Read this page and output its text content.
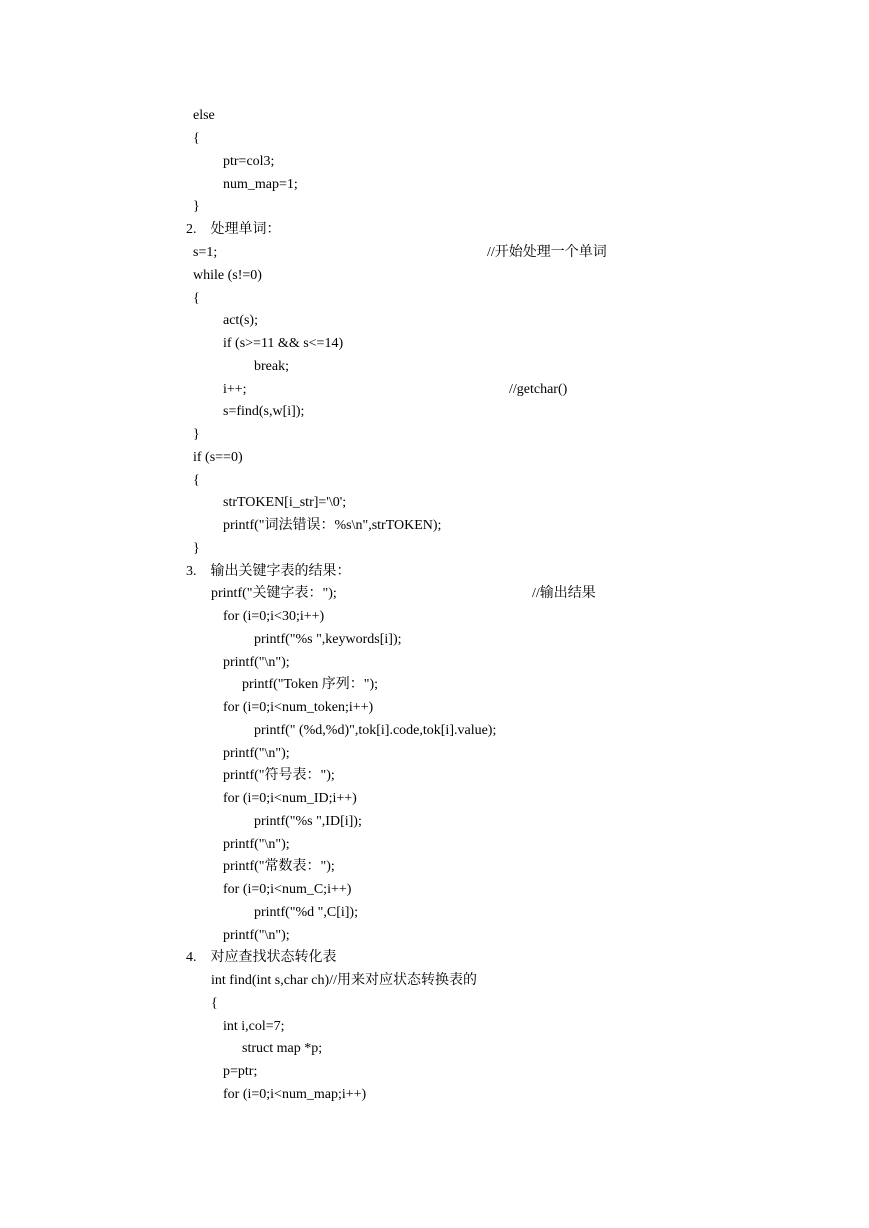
else
{
ptr=col3;
num_map=1;
}
2.　处理单词：
s=1;	//开始处理一个单词
while (s!=0)
{
act(s);
if (s>=11 && s<=14)
break;
i++;	//getchar()
s=find(s,w[i]);
}
if (s==0)
{
strTOKEN[i_str]='\0';
printf("词法错误：%s\n",strTOKEN);
}
3.　输出关键字表的结果：
printf("关键字表：");	//输出结果
for (i=0;i<30;i++)
printf("%s ",keywords[i]);
printf("\n");
printf("Token 序列：");
for (i=0;i<num_token;i++)
printf(" (%d,%d)",tok[i].code,tok[i].value);
printf("\n");
printf("符号表：");
for (i=0;i<num_ID;i++)
printf("%s ",ID[i]);
printf("\n");
printf("常数表：");
for (i=0;i<num_C;i++)
printf("%d ",C[i]);
printf("\n");
4.　对应查找状态转化表
int find(int s,char ch)//用来对应状态转换表的
{
int i,col=7;
struct map *p;
p=ptr;
for (i=0;i<num_map;i++)
